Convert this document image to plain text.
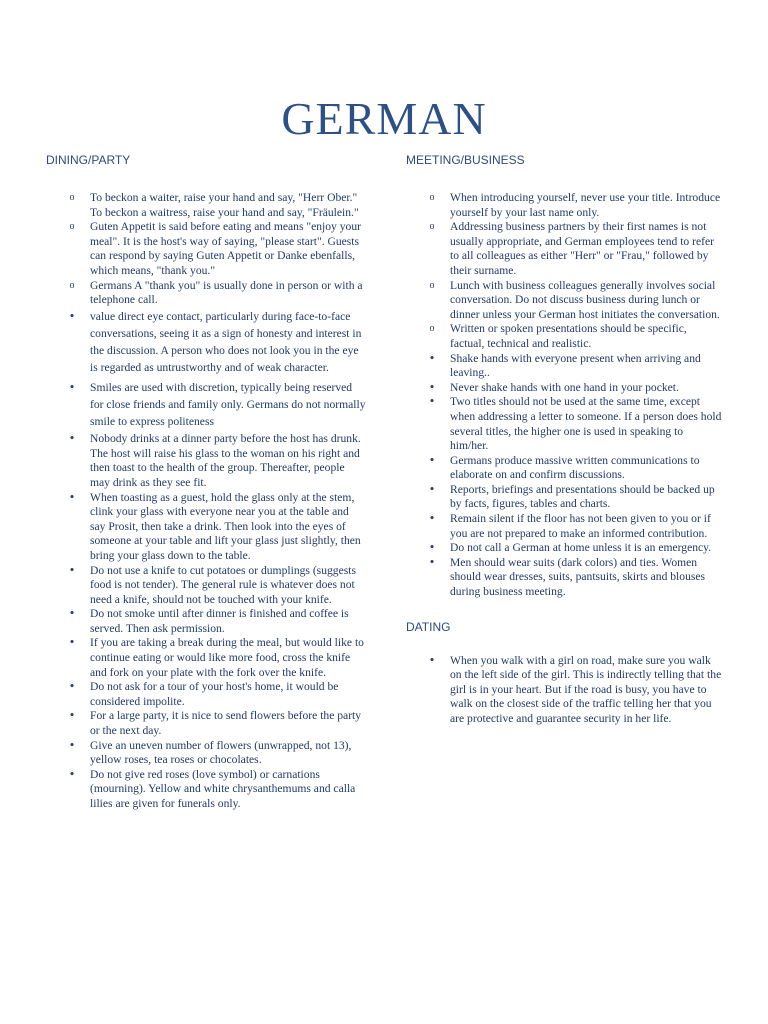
GERMAN
DINING/PARTY
o	To beckon a waiter, raise your hand and say, "Herr Ober." To beckon a waitress, raise your hand and say, "Fräulein."
o	Guten Appetit is said before eating and means "enjoy your meal". It is the host's way of saying, "please start". Guests can respond by saying Guten Appetit or Danke ebenfalls, which means, "thank you."
o	Germans A "thank you" is usually done in person or with a telephone call.
•	value direct eye contact, particularly during face-to-face conversations, seeing it as a sign of honesty and interest in the discussion. A person who does not look you in the eye is regarded as untrustworthy and of weak character.
•	Smiles are used with discretion, typically being reserved for close friends and family only. Germans do not normally smile to express politeness
•	Nobody drinks at a dinner party before the host has drunk. The host will raise his glass to the woman on his right and then toast to the health of the group. Thereafter, people may drink as they see fit.
•	When toasting as a guest, hold the glass only at the stem, clink your glass with everyone near you at the table and say Prosit, then take a drink. Then look into the eyes of someone at your table and lift your glass just slightly, then bring your glass down to the table.
•	Do not use a knife to cut potatoes or dumplings (suggests food is not tender). The general rule is whatever does not need a knife, should not be touched with your knife.
•	Do not smoke until after dinner is finished and coffee is served. Then ask permission.
•	If you are taking a break during the meal, but would like to continue eating or would like more food, cross the knife and fork on your plate with the fork over the knife.
•	Do not ask for a tour of your host's home, it would be considered impolite.
•	For a large party, it is nice to send flowers before the party or the next day.
•	Give an uneven number of flowers (unwrapped, not 13), yellow roses, tea roses or chocolates.
•	Do not give red roses (love symbol) or carnations (mourning). Yellow and white chrysanthemums and calla lilies are given for funerals only.
MEETING/BUSINESS
o	When introducing yourself, never use your title. Introduce yourself by your last name only.
o	Addressing business partners by their first names is not usually appropriate, and German employees tend to refer to all colleagues as either "Herr" or "Frau," followed by their surname.
o	Lunch with business colleagues generally involves social conversation. Do not discuss business during lunch or dinner unless your German host initiates the conversation.
o	Written or spoken presentations should be specific, factual, technical and realistic.
•	Shake hands with everyone present when arriving and leaving..
•	Never shake hands with one hand in your pocket.
•	Two titles should not be used at the same time, except when addressing a letter to someone. If a person does hold several titles, the higher one is used in speaking to him/her.
•	Germans produce massive written communications to elaborate on and confirm discussions.
•	Reports, briefings and presentations should be backed up by facts, figures, tables and charts.
•	Remain silent if the floor has not been given to you or if you are not prepared to make an informed contribution.
•	Do not call a German at home unless it is an emergency.
•	Men should wear suits (dark colors) and ties. Women should wear dresses, suits, pantsuits, skirts and blouses during business meeting.
DATING
•	When you walk with a girl on road, make sure you walk on the left side of the girl. This is indirectly telling that the girl is in your heart. But if the road is busy, you have to walk on the closest side of the traffic telling her that you are protective and guarantee security in her life.
